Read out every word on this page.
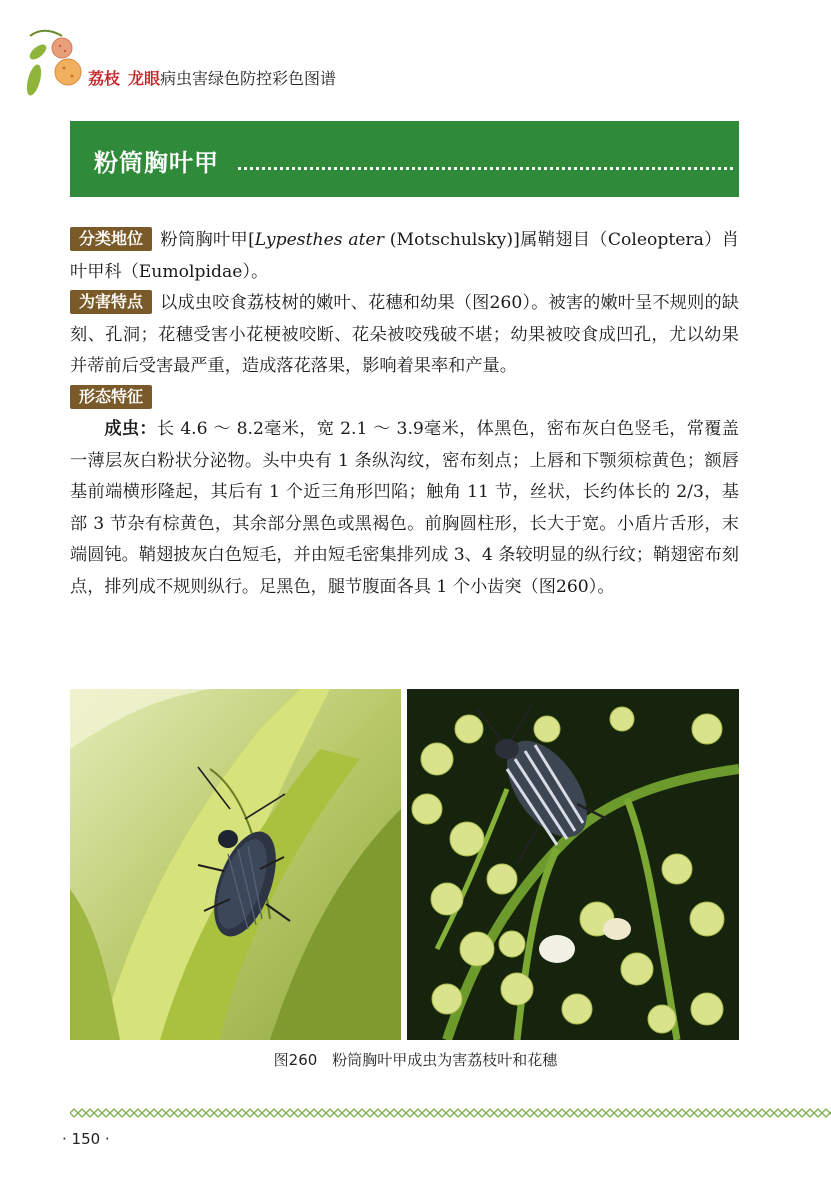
荔枝 龙眼病虫害绿色防控彩色图谱
粉筒胸叶甲

分类地位 粉筒胸叶甲[Lypesthes ater (Motschulsky)]属鞘翅目（Coleoptera）肖叶甲科（Eumolpidae）。

为害特点 以成虫咬食荔枝树的嫩叶、花穗和幼果（图260）。被害的嫩叶呈不规则的缺刻、孔洞；花穗受害小花梗被咬断、花朵被咬残破不堪；幼果被咬食成凹孔，尤以幼果并蒂前后受害最严重，造成落花落果，影响着果率和产量。

形态特征

成虫：长 4.6 ～ 8.2毫米，宽 2.1 ～ 3.9毫米，体黑色，密布灰白色竖毛，常覆盖一薄层灰白粉状分泌物。头中央有 1 条纵沟纹，密布刻点；上唇和下颚须棕黄色；额唇基前端横形隆起，其后有 1 个近三角形凹陷；触角 11 节，丝状，长约体长的 2/3，基部 3 节杂有棕黄色，其余部分黑色或黑褐色。前胸圆柱形，长大于宽。小盾片舌形，末端圆钝。鞘翅披灰白色短毛，并由短毛密集排列成 3、4 条较明显的纵行纹；鞘翅密布刻点，排列成不规则纵行。足黑色，腿节腹面各具 1 个小齿突（图260）。

图260　粉筒胸叶甲成虫为害荔枝叶和花穗
· 150 ·
